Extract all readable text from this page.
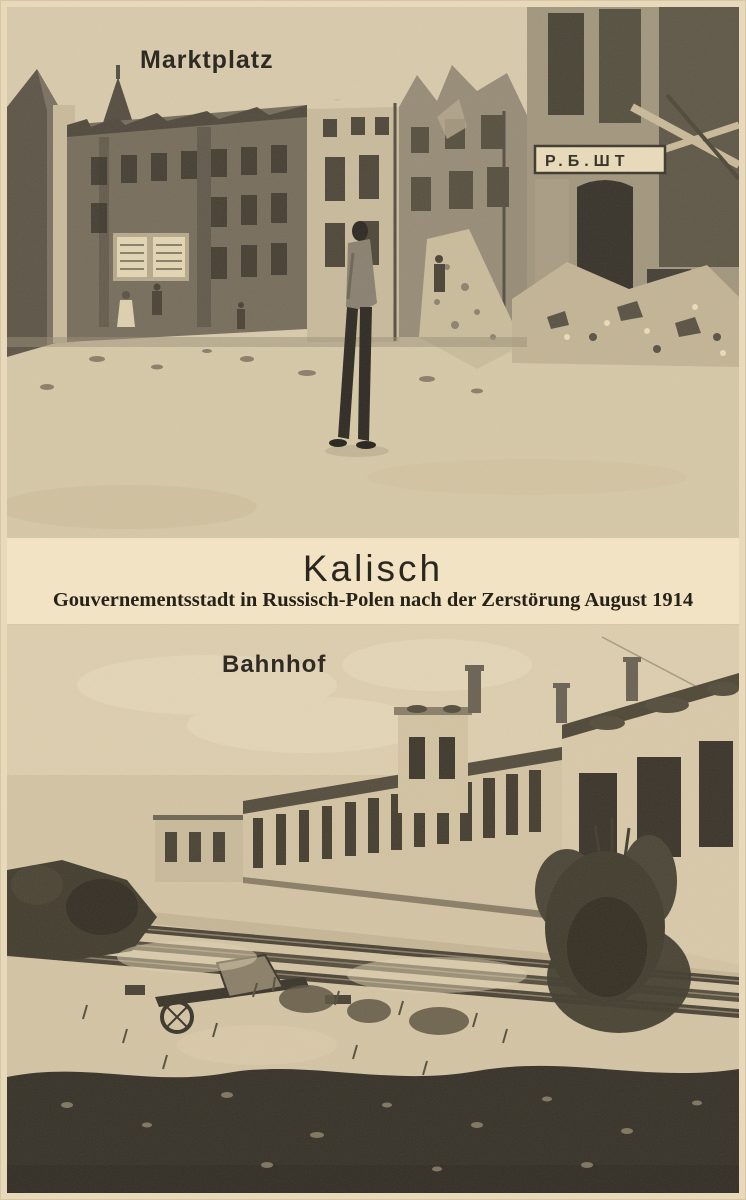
Marktplatz
Kalisch
Gouvernementsstadt in Russisch-Polen nach der Zerstörung August 1914
Bahnhof
